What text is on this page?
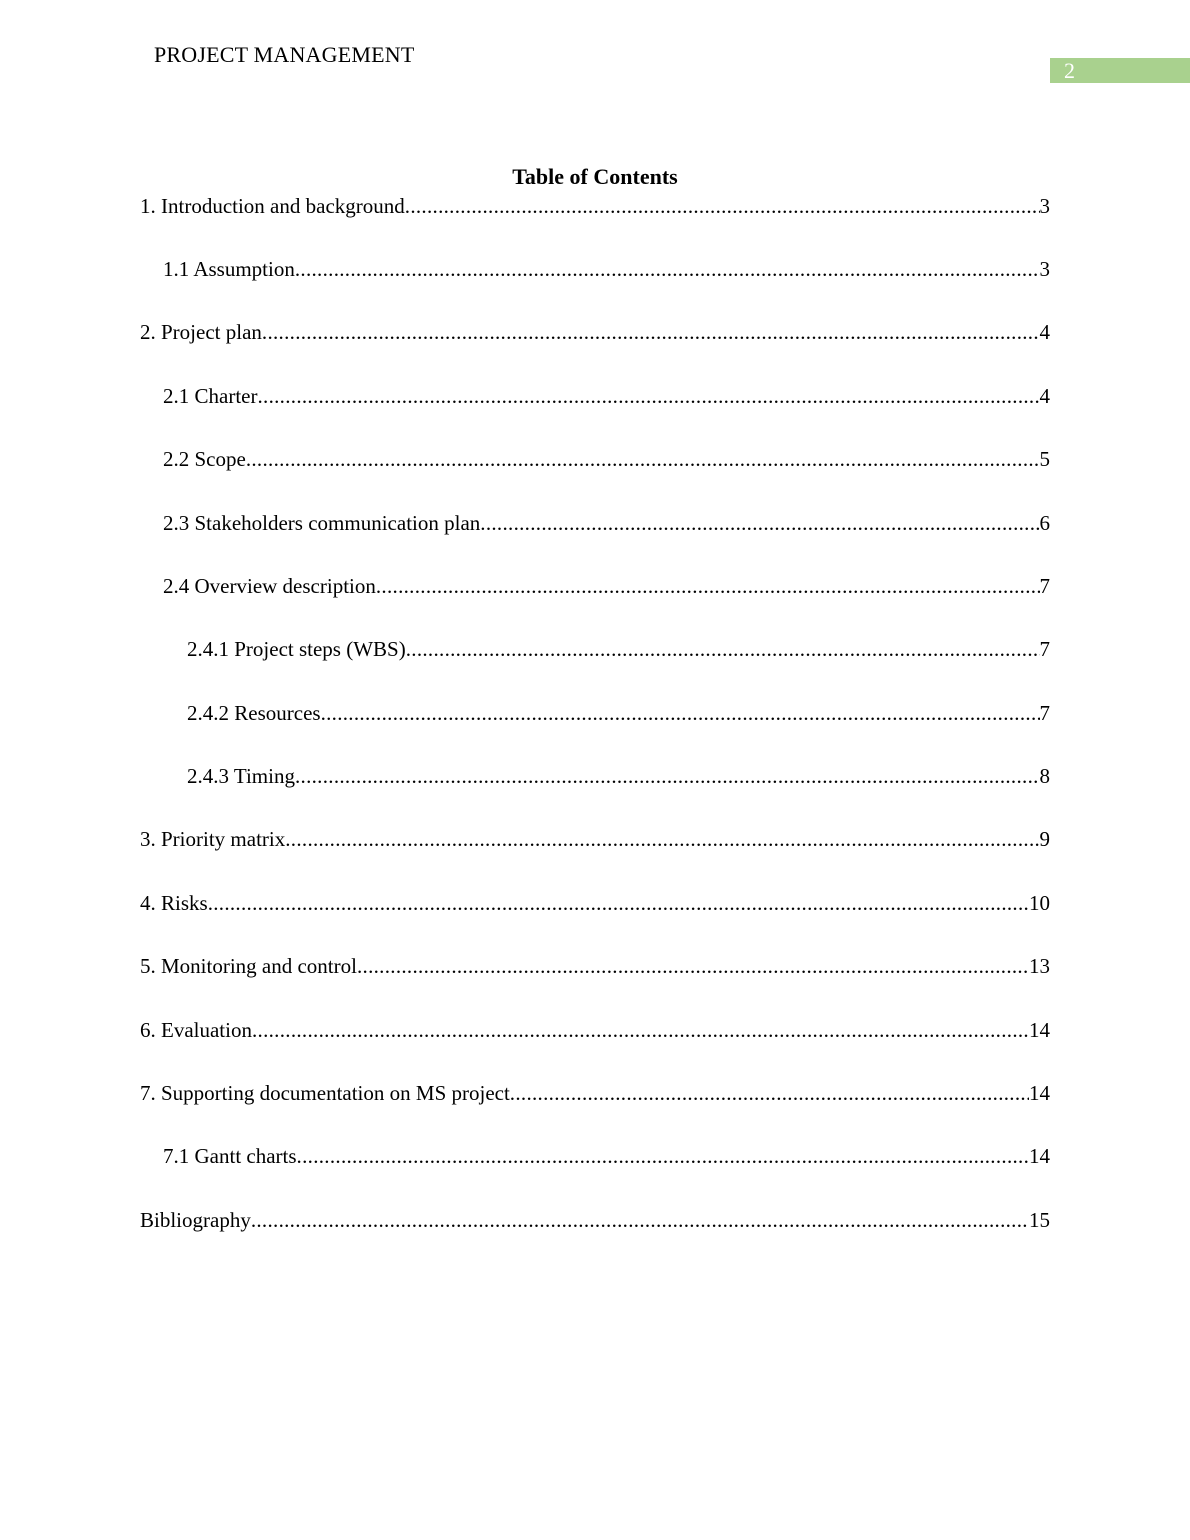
PROJECT MANAGEMENT
2
Table of Contents
1. Introduction and background .....	3
1.1 Assumption .....	3
2. Project plan .....	4
2.1 Charter .....	4
2.2 Scope .....	5
2.3 Stakeholders communication plan .....	6
2.4 Overview description .....	7
2.4.1 Project steps (WBS) .....	7
2.4.2 Resources .....	7
2.4.3 Timing .....	8
3. Priority matrix .....	9
4. Risks .....	10
5. Monitoring and control .....	13
6. Evaluation .....	14
7. Supporting documentation on MS project .....	14
7.1 Gantt charts .....	14
Bibliography .....	15
